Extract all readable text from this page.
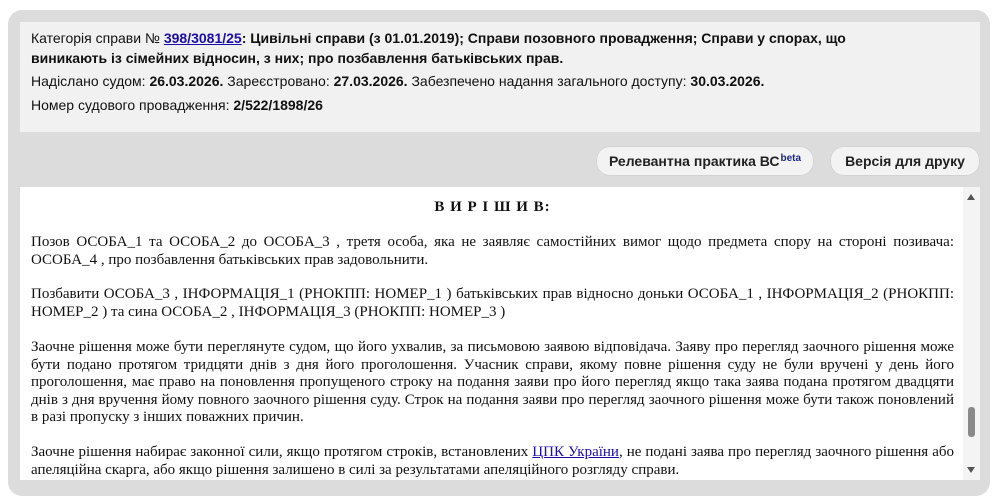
Категорія справи № 398/3081/25: Цивільні справи (з 01.01.2019); Справи позовного провадження; Справи у спорах, що
виникають із сімейних відносин, з них; про позбавлення батьківських прав.
Надіслано судом: 26.03.2026. Зареєстровано: 27.03.2026. Забезпечено надання загального доступу: 30.03.2026.
Номер судового провадження: 2/522/1898/26
Релевантна практика $ВС^{beta}$	Версія для друку
В И Р І Ш И В:

Позов ОСОБА_1 та ОСОБА_2 до ОСОБА_3 , третя особа, яка не заявляє самостійних вимог щодо предмета спору на стороні позивача: ОСОБА_4 , про позбавлення батьківських прав задовольнити.

Позбавити ОСОБА_3 , ІНФОРМАЦІЯ_1 (РНОКПП: НОМЕР_1 ) батьківських прав відносно доньки ОСОБА_1 , ІНФОРМАЦІЯ_2 (РНОКПП: НОМЕР_2 ) та сина ОСОБА_2 , ІНФОРМАЦІЯ_3 (РНОКПП: НОМЕР_3 )

Заочне рішення може бути переглянуте судом, що його ухвалив, за письмовою заявою відповідача. Заяву про перегляд заочного рішення може бути подано протягом тридцяти днів з дня його проголошення. Учасник справи, якому повне рішення суду не були вручені у день його проголошення, має право на поновлення пропущеного строку на подання заяви про його перегляд якщо така заява подана протягом двадцяти днів з дня вручення йому повного заочного рішення суду. Строк на подання заяви про перегляд заочного рішення може бути також поновлений в разі пропуску з інших поважних причин.

Заочне рішення набирає законної сили, якщо протягом строків, встановлених ЦПК України, не подані заява про перегляд заочного рішення або апеляційна скарга, або якщо рішення залишено в силі за результатами апеляційного розгляду справи.
